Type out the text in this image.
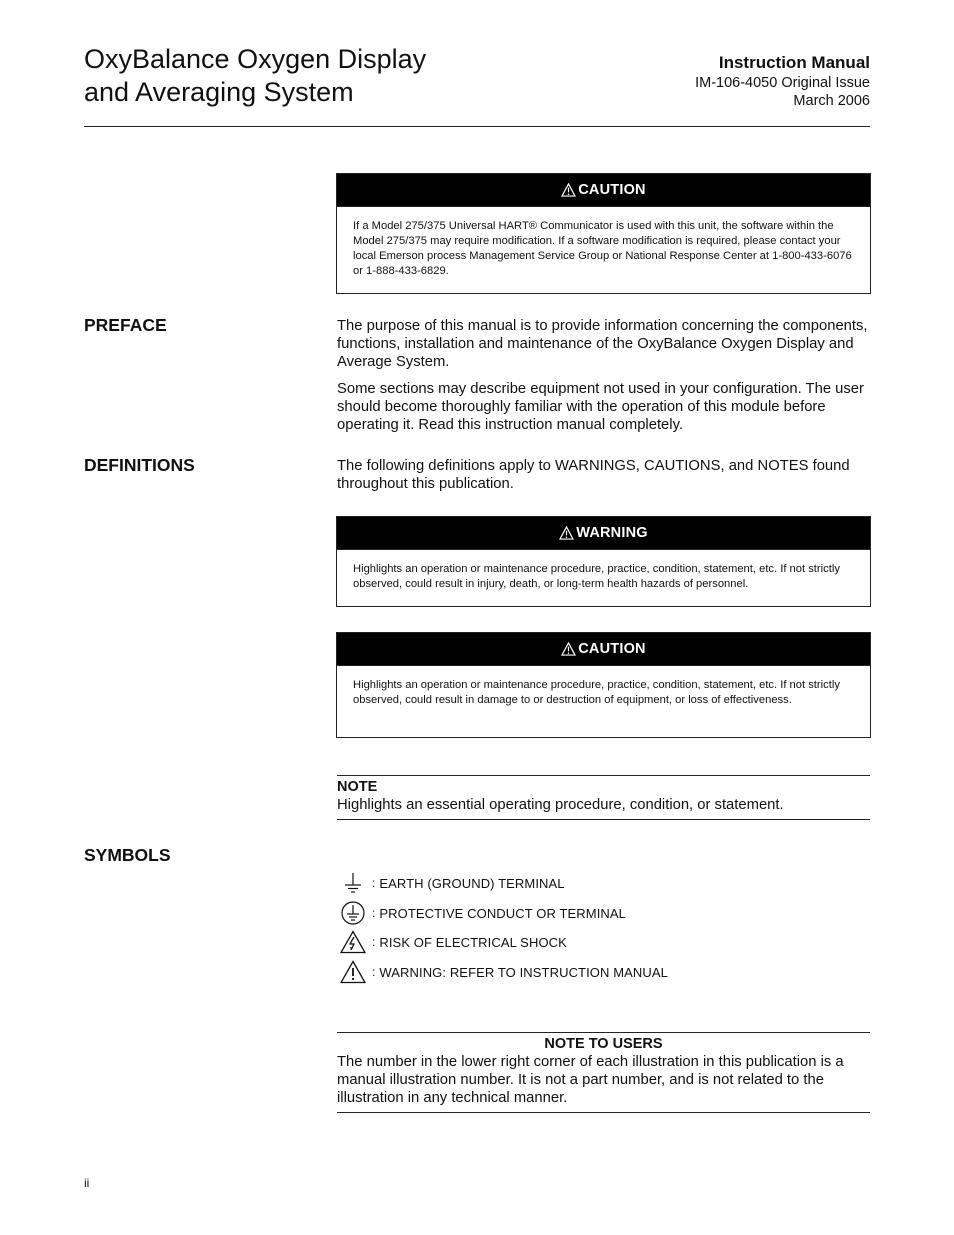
OxyBalance Oxygen Display
and Averaging System
Instruction Manual
IM-106-4050 Original Issue
March 2006
CAUTION
If a Model 275/375 Universal HART® Communicator is used with this unit, the software within the Model 275/375 may require modification. If a software modification is required, please contact your local Emerson process Management Service Group or National Response Center at 1-800-433-6076 or 1-888-433-6829.
PREFACE	The purpose of this manual is to provide information concerning the components, functions, installation and maintenance of the OxyBalance Oxygen Display and Average System.

Some sections may describe equipment not used in your configuration. The user should become thoroughly familiar with the operation of this module before operating it. Read this instruction manual completely.

DEFINITIONS	The following definitions apply to WARNINGS, CAUTIONS, and NOTES found throughout this publication.

WARNING
Highlights an operation or maintenance procedure, practice, condition, statement, etc. If not strictly observed, could result in injury, death, or long-term health hazards of personnel.
CAUTION
Highlights an operation or maintenance procedure, practice, condition, statement, etc. If not strictly observed, could result in damage to or destruction of equipment, or loss of effectiveness.
NOTE
Highlights an essential operating procedure, condition, or statement.
SYMBOLS
: EARTH (GROUND) TERMINAL
: PROTECTIVE CONDUCT OR TERMINAL
: RISK OF ELECTRICAL SHOCK
: WARNING: REFER TO INSTRUCTION MANUAL
NOTE TO USERS
The number in the lower right corner of each illustration in this publication is a manual illustration number. It is not a part number, and is not related to the illustration in any technical manner.
ii
